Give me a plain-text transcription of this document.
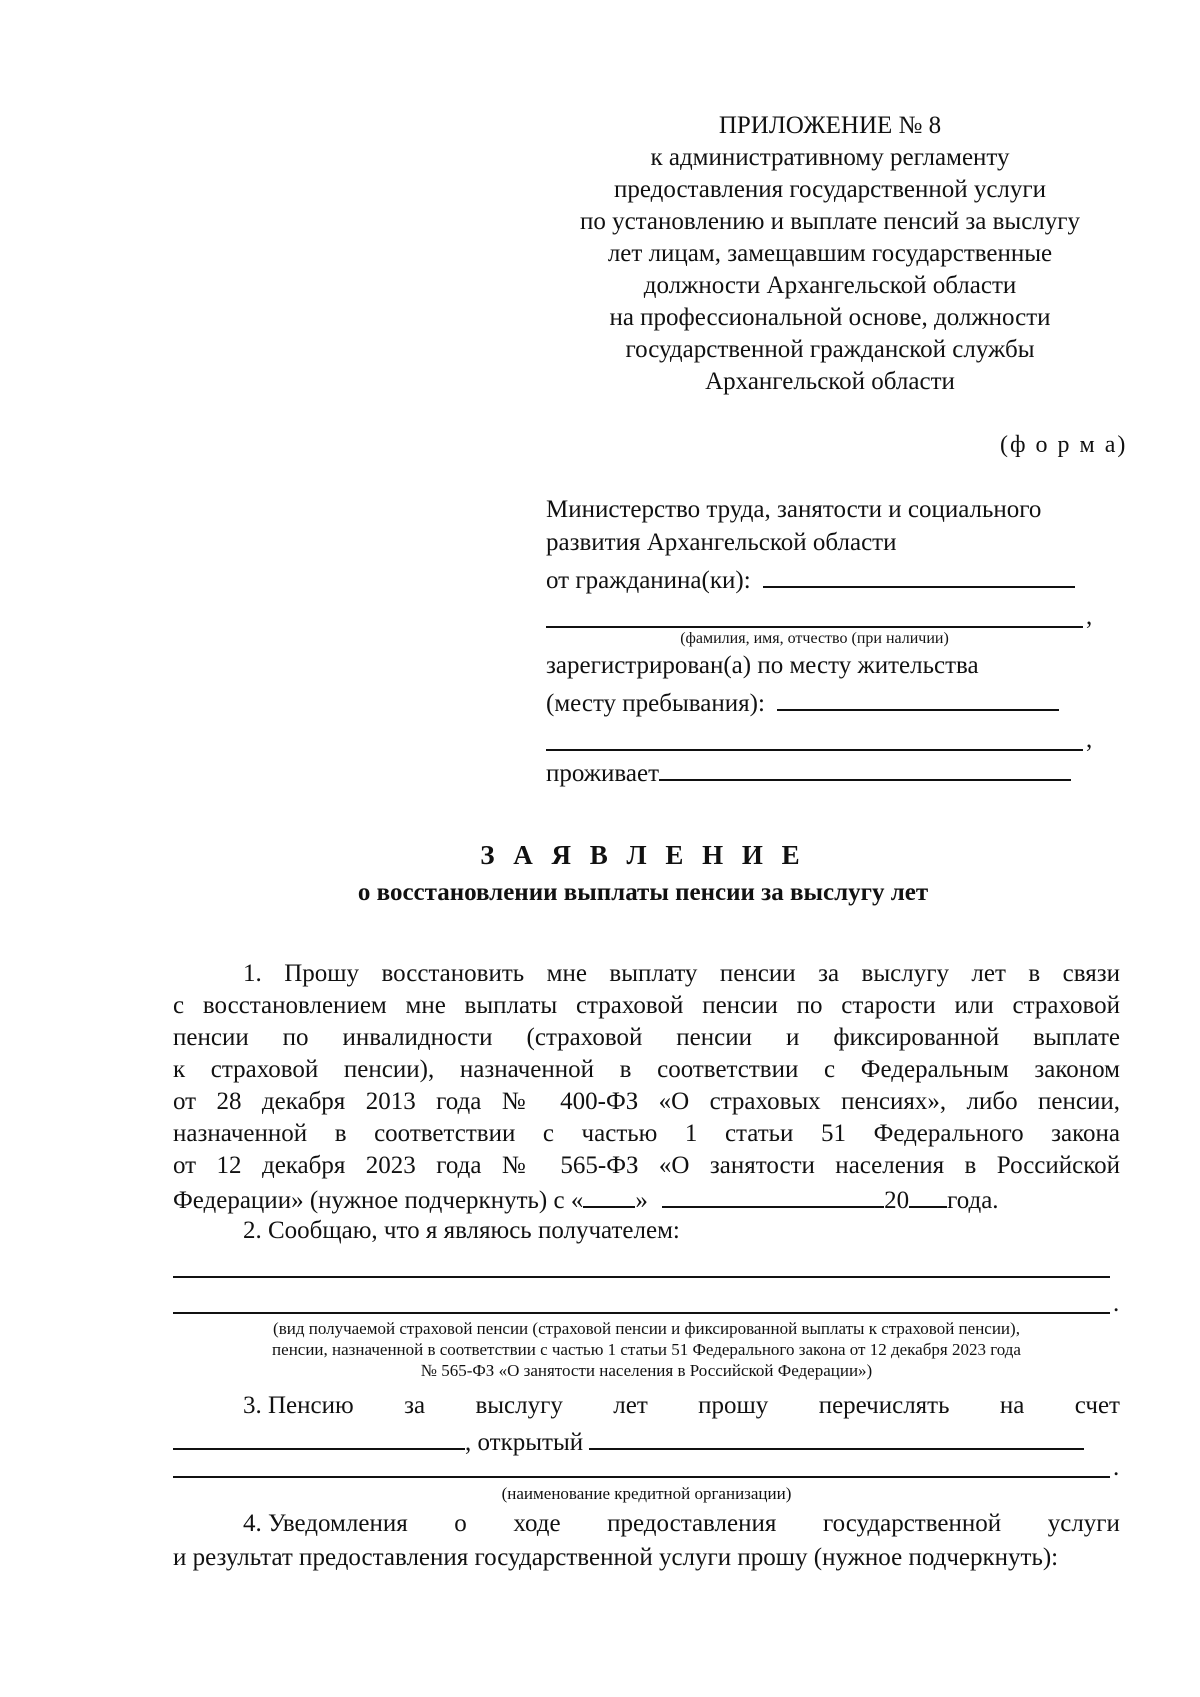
ПРИЛОЖЕНИЕ № 8
к административному регламенту
предоставления государственной услуги
по установлению и выплате пенсий за выслугу
лет лицам, замещавшим государственные
должности Архангельской области
на профессиональной основе, должности
государственной гражданской службы
Архангельской области
(ф о р м а)
Министерство труда, занятости и социального
развития Архангельской области
от гражданина(ки):
,
(фамилия, имя, отчество (при наличии)
зарегистрирован(а) по месту жительства
(месту пребывания):
,
проживает
З А Я В Л Е Н И Е
о восстановлении выплаты пенсии за выслугу лет
1. Прошу восстановить мне выплату пенсии за выслугу лет в связи
с восстановлением мне выплаты страховой пенсии по старости или страховой
пенсии по инвалидности (страховой пенсии и фиксированной выплате
к страховой пенсии), назначенной в соответствии с Федеральным законом
от 28 декабря 2013 года № 400-ФЗ «О страховых пенсиях», либо пенсии,
назначенной в соответствии с частью 1 статьи 51 Федерального закона
от 12 декабря 2023 года № 565-ФЗ «О занятости населения в Российской
Федерации» (нужное подчеркнуть) с « »	20 года.
2. Сообщаю, что я являюсь получателем:
.
(вид получаемой страховой пенсии (страховой пенсии и фиксированной выплаты к страховой пенсии),
пенсии, назначенной в соответствии с частью 1 статьи 51 Федерального закона от 12 декабря 2023 года
№ 565-ФЗ «О занятости населения в Российской Федерации»)
3. Пенсию за выслугу лет прошу перечислять на счет
, открытый
.
(наименование кредитной организации)
4. Уведомления о ходе предоставления государственной услуги
и результат предоставления государственной услуги прошу (нужное подчеркнуть):
